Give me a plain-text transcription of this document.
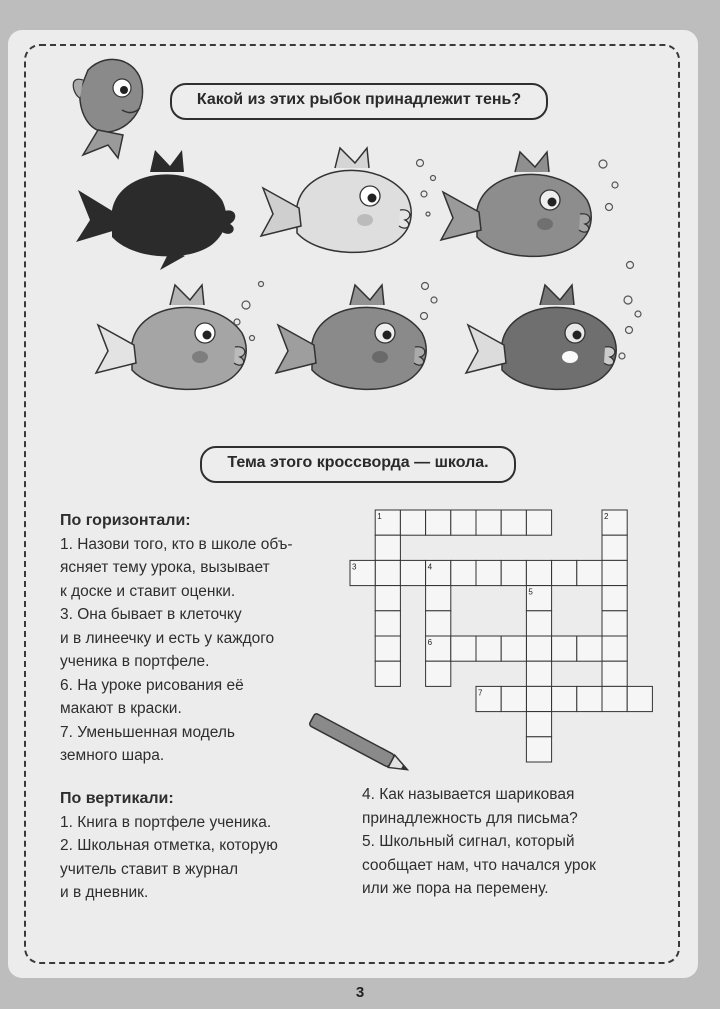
Какой из этих рыбок принадлежит тень?
Тема этого кроссворда — школа.
1	2
3	4
5
6
7
По горизонтали:
1. Назови того, кто в школе объ-
ясняет тему урока, вызывает
к доске и ставит оценки.
3. Она бывает в клеточку
и в линеечку и есть у каждого
ученика в портфеле.
6. На уроке рисования её
макают в краски.
7. Уменьшенная модель
земного шара.
По вертикали:
1. Книга в портфеле ученика.
2. Школьная отметка, которую
учитель ставит в журнал
и в дневник.
4. Как называется шариковая
принадлежность для письма?
5. Школьный сигнал, который
сообщает нам, что начался урок
или же пора на перемену.
3
